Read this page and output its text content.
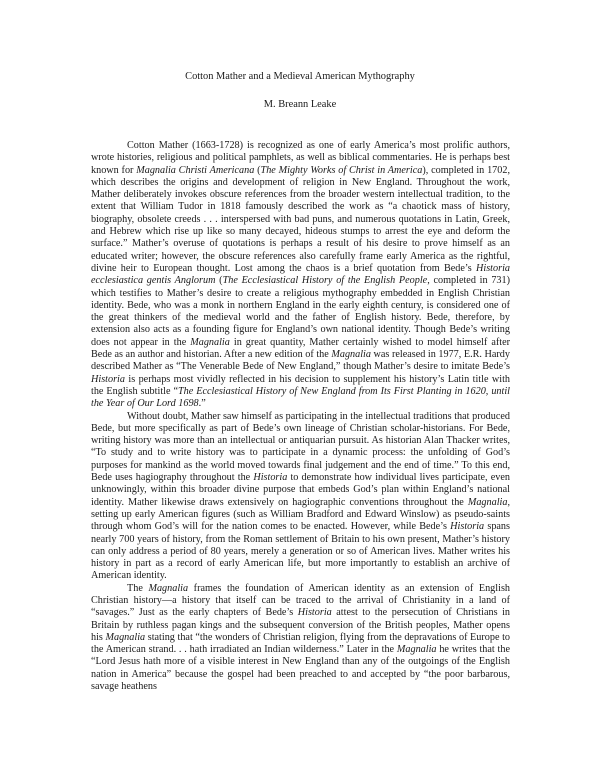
Cotton Mather and a Medieval American Mythography
M. Breann Leake

Cotton Mather (1663-1728) is recognized as one of early America’s most prolific authors, wrote histories, religious and political pamphlets, as well as biblical commentaries. He is perhaps best known for Magnalia Christi Americana (The Mighty Works of Christ in America), completed in 1702, which describes the origins and development of religion in New England. Throughout the work, Mather deliberately invokes obscure references from the broader western intellectual tradition, to the extent that William Tudor in 1818 famously described the work as “a chaotick mass of history, biography, obsolete creeds . . . interspersed with bad puns, and numerous quotations in Latin, Greek, and Hebrew which rise up like so many decayed, hideous stumps to arrest the eye and deform the surface.” Mather’s overuse of quotations is perhaps a result of his desire to prove himself as an educated writer; however, the obscure references also carefully frame early America as the rightful, divine heir to European thought. Lost among the chaos is a brief quotation from Bede’s Historia ecclesiastica gentis Anglorum (The Ecclesiastical History of the English People, completed in 731) which testifies to Mather’s desire to create a religious mythography embedded in English Christian identity. Bede, who was a monk in northern England in the early eighth century, is considered one of the great thinkers of the medieval world and the father of English history. Bede, therefore, by extension also acts as a founding figure for England’s own national identity. Though Bede’s writing does not appear in the Magnalia in great quantity, Mather certainly wished to model himself after Bede as an author and historian. After a new edition of the Magnalia was released in 1977, E.R. Hardy described Mather as “The Venerable Bede of New England,” though Mather’s desire to imitate Bede’s Historia is perhaps most vividly reflected in his decision to supplement his history’s Latin title with the English subtitle “The Ecclesiastical History of New England from Its First Planting in 1620, until the Year of Our Lord 1698.”

Without doubt, Mather saw himself as participating in the intellectual traditions that produced Bede, but more specifically as part of Bede’s own lineage of Christian scholar-historians. For Bede, writing history was more than an intellectual or antiquarian pursuit. As historian Alan Thacker writes, “To study and to write history was to participate in a dynamic process: the unfolding of God’s purposes for mankind as the world moved towards final judgement and the end of time.” To this end, Bede uses hagiography throughout the Historia to demonstrate how individual lives participate, even unknowingly, within this broader divine purpose that embeds God’s plan within England’s national identity. Mather likewise draws extensively on hagiographic conventions throughout the Magnalia, setting up early American figures (such as William Bradford and Edward Winslow) as pseudo-saints through whom God’s will for the nation comes to be enacted. However, while Bede’s Historia spans nearly 700 years of history, from the Roman settlement of Britain to his own present, Mather’s history can only address a period of 80 years, merely a generation or so of American lives. Mather writes his history in part as a record of early American life, but more importantly to establish an archive of American identity.

The Magnalia frames the foundation of American identity as an extension of English Christian history—a history that itself can be traced to the arrival of Christianity in a land of “savages.” Just as the early chapters of Bede’s Historia attest to the persecution of Christians in Britain by ruthless pagan kings and the subsequent conversion of the British peoples, Mather opens his Magnalia stating that “the wonders of Christian religion, flying from the depravations of Europe to the American strand. . . hath irradiated an Indian wilderness.” Later in the Magnalia he writes that the “Lord Jesus hath more of a visible interest in New England than any of the outgoings of the English nation in America” because the gospel had been preached to and accepted by “the poor barbarous, savage heathens
